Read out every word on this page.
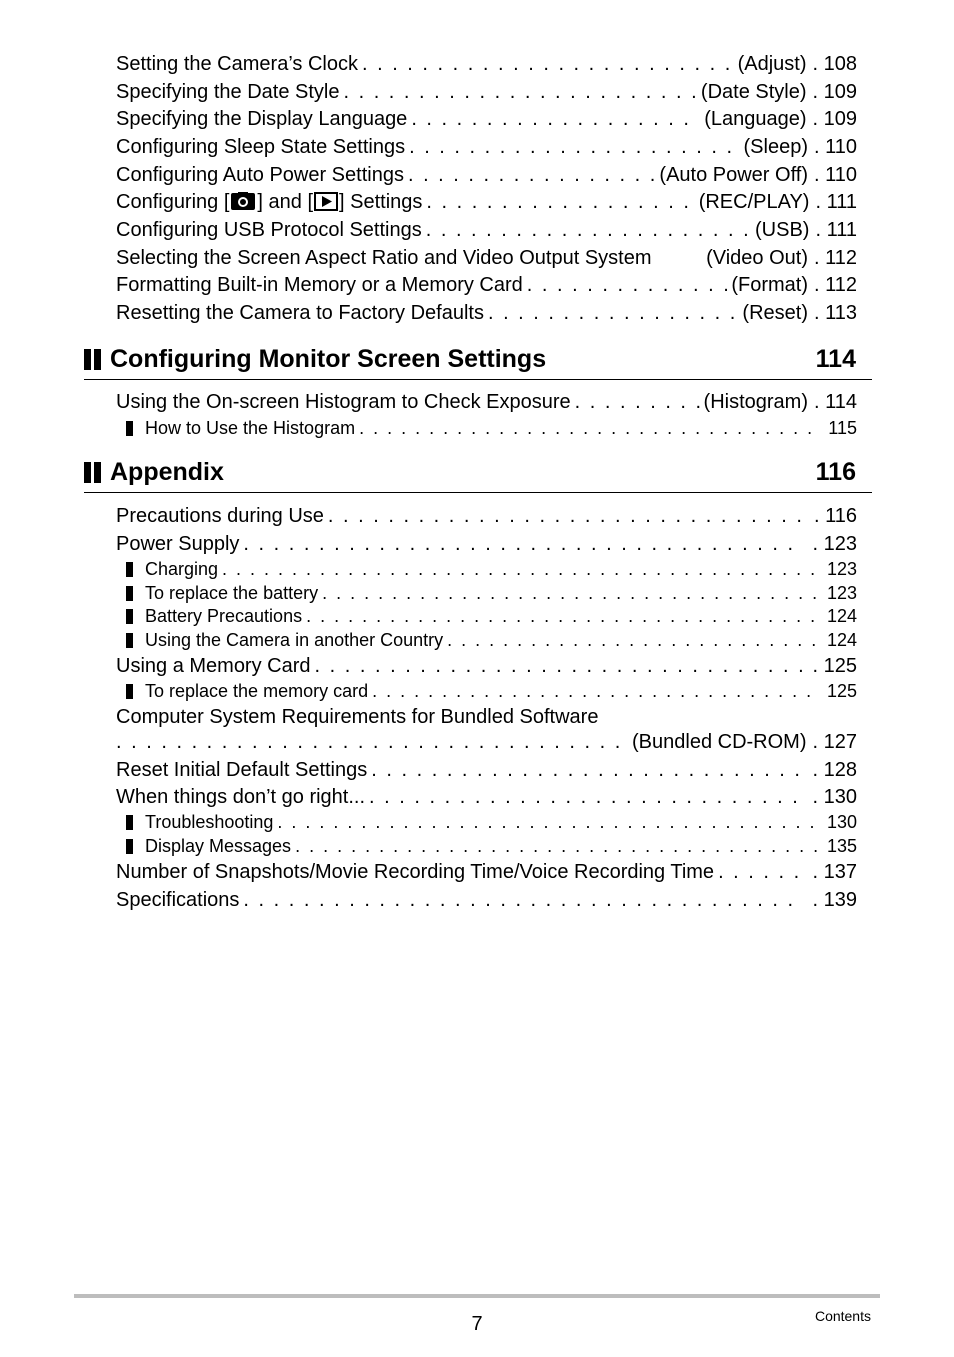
Setting the Camera’s Clock . . .	(Adjust) . 108
Specifying the Date Style . . .	(Date Style) . 109
Specifying the Display Language . . .	(Language) . 109
Configuring Sleep State Settings . . .	(Sleep) . 110
Configuring Auto Power Settings . . .	(Auto Power Off) . 110
Configuring [ ] and [ ] Settings . . .	(REC/PLAY) . 111
Configuring USB Protocol Settings . . .	(USB) . 111
Selecting the Screen Aspect Ratio and Video Output System	(Video Out) . 112
Formatting Built-in Memory or a Memory Card . . .	(Format) . 112
Resetting the Camera to Factory Defaults . . .	(Reset) . 113
Configuring Monitor Screen Settings	114
Using the On-screen Histogram to Check Exposure . . .	(Histogram) . 114
How to Use the Histogram . . .	115
Appendix	116
Precautions during Use . . .	. 116
Power Supply . . .	. 123
Charging . . .	123
To replace the battery . . .	123
Battery Precautions . . .	124
Using the Camera in another Country . . .	124
Using a Memory Card . . .	. 125
To replace the memory card . . .	125
Computer System Requirements for Bundled Software
. . .
(Bundled CD-ROM) . 127
Reset Initial Default Settings . . .	. 128
When things don’t go right... . . .	. 130
Troubleshooting . . .	130
Display Messages . . .	135
Number of Snapshots/Movie Recording Time/Voice Recording Time . . .	. 137
Specifications . . .	. 139
7	Contents
